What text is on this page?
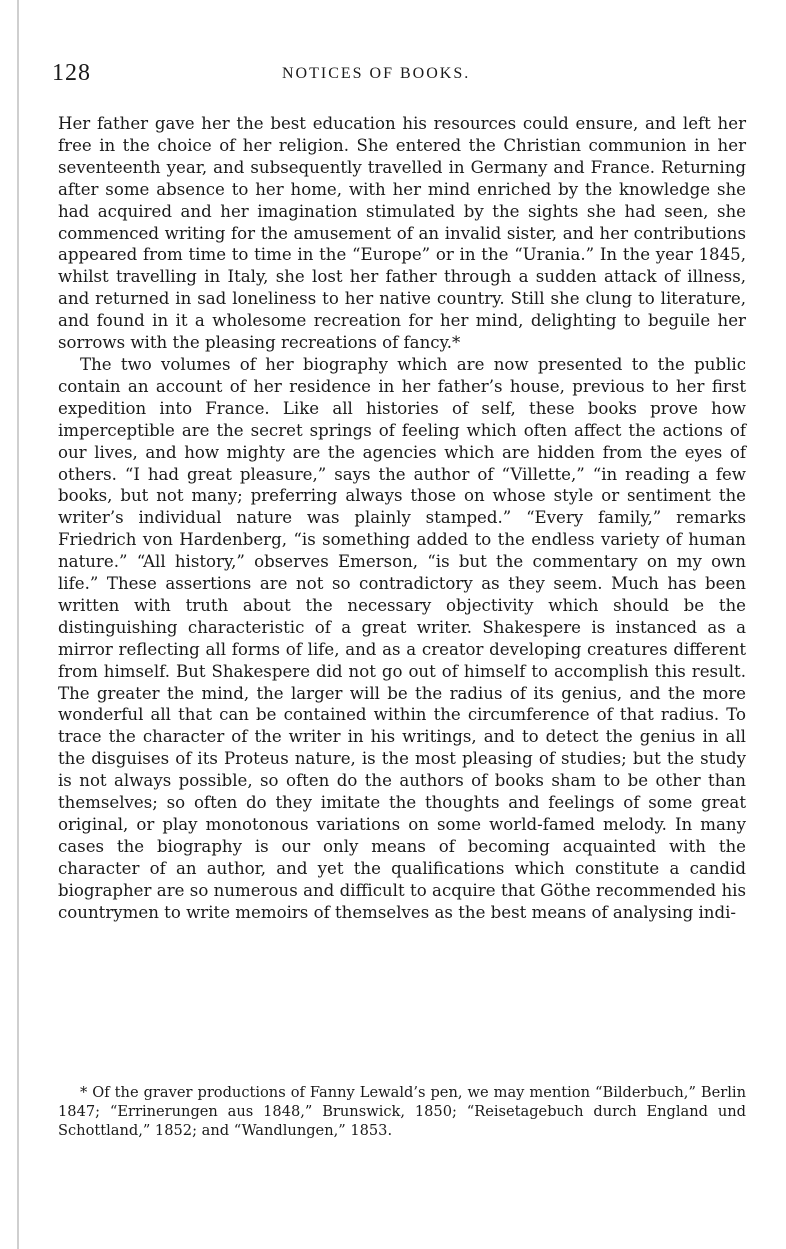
128	NOTICES OF BOOKS.

Her father gave her the best education his resources could ensure, and left her free in the choice of her religion. She entered the Christian communion in her seventeenth year, and subsequently travelled in Germany and France. Returning after some absence to her home, with her mind enriched by the knowledge she had acquired and her imagination stimulated by the sights she had seen, she commenced writing for the amusement of an invalid sister, and her contributions appeared from time to time in the “Europe” or in the “Urania.” In the year 1845, whilst travelling in Italy, she lost her father through a sudden attack of illness, and returned in sad loneliness to her native country. Still she clung to literature, and found in it a wholesome recreation for her mind, delighting to beguile her sorrows with the pleasing recreations of fancy.*

The two volumes of her biography which are now presented to the public contain an account of her residence in her father’s house, previous to her first expedition into France. Like all histories of self, these books prove how imperceptible are the secret springs of feeling which often affect the actions of our lives, and how mighty are the agencies which are hidden from the eyes of others. “I had great pleasure,” says the author of “Villette,” “in reading a few books, but not many; preferring always those on whose style or sentiment the writer’s individual nature was plainly stamped.” “Every family,” remarks Friedrich von Hardenberg, “is something added to the endless variety of human nature.” “All history,” observes Emerson, “is but the commentary on my own life.” These assertions are not so contradictory as they seem. Much has been written with truth about the necessary objectivity which should be the distinguishing characteristic of a great writer. Shakespere is instanced as a mirror reflecting all forms of life, and as a creator developing creatures different from himself. But Shakespere did not go out of himself to accomplish this result. The greater the mind, the larger will be the radius of its genius, and the more wonderful all that can be contained within the circumference of that radius. To trace the character of the writer in his writings, and to detect the genius in all the disguises of its Proteus nature, is the most pleasing of studies; but the study is not always possible, so often do the authors of books sham to be other than themselves; so often do they imitate the thoughts and feelings of some great original, or play monotonous variations on some world-famed melody. In many cases the biography is our only means of becoming acquainted with the character of an author, and yet the qualifications which constitute a candid biographer are so numerous and difficult to acquire that Göthe recommended his countrymen to write memoirs of themselves as the best means of analysing indi-

* Of the graver productions of Fanny Lewald’s pen, we may mention “Bilderbuch,” Berlin 1847; “Errinerungen aus 1848,” Brunswick, 1850; “Reisetagebuch durch England und Schottland,” 1852; and “Wandlungen,” 1853.
